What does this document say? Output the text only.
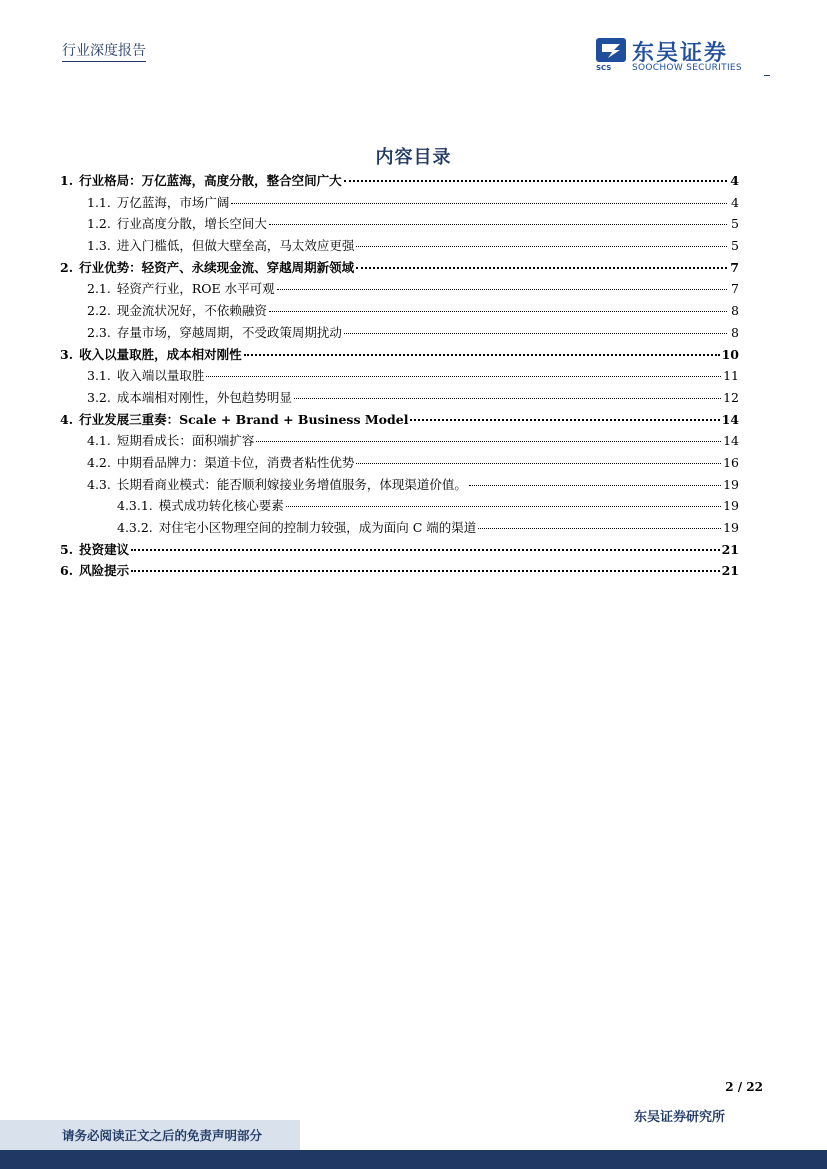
行业深度报告
SCS
东吴证券
SOOCHOW SECURITIES
内容目录
1. 行业格局：万亿蓝海，高度分散，整合空间广大	4
1.1. 万亿蓝海，市场广阔	4
1.2. 行业高度分散，增长空间大	5
1.3. 进入门槛低，但做大壁垒高，马太效应更强	5
2. 行业优势：轻资产、永续现金流、穿越周期新领域	7
2.1. 轻资产行业，ROE 水平可观	7
2.2. 现金流状况好，不依赖融资	8
2.3. 存量市场，穿越周期，不受政策周期扰动	8
3. 收入以量取胜，成本相对刚性	10
3.1. 收入端以量取胜	11
3.2. 成本端相对刚性，外包趋势明显	12
4. 行业发展三重奏：Scale + Brand + Business Model	14
4.1. 短期看成长：面积端扩容	14
4.2. 中期看品牌力：渠道卡位，消费者粘性优势	16
4.3. 长期看商业模式：能否顺利嫁接业务增值服务，体现渠道价值。	19
4.3.1. 模式成功转化核心要素	19
4.3.2. 对住宅小区物理空间的控制力较强，成为面向 C 端的渠道	19
5. 投资建议	21
6. 风险提示	21
2 / 22
东吴证券研究所
请务必阅读正文之后的免责声明部分
